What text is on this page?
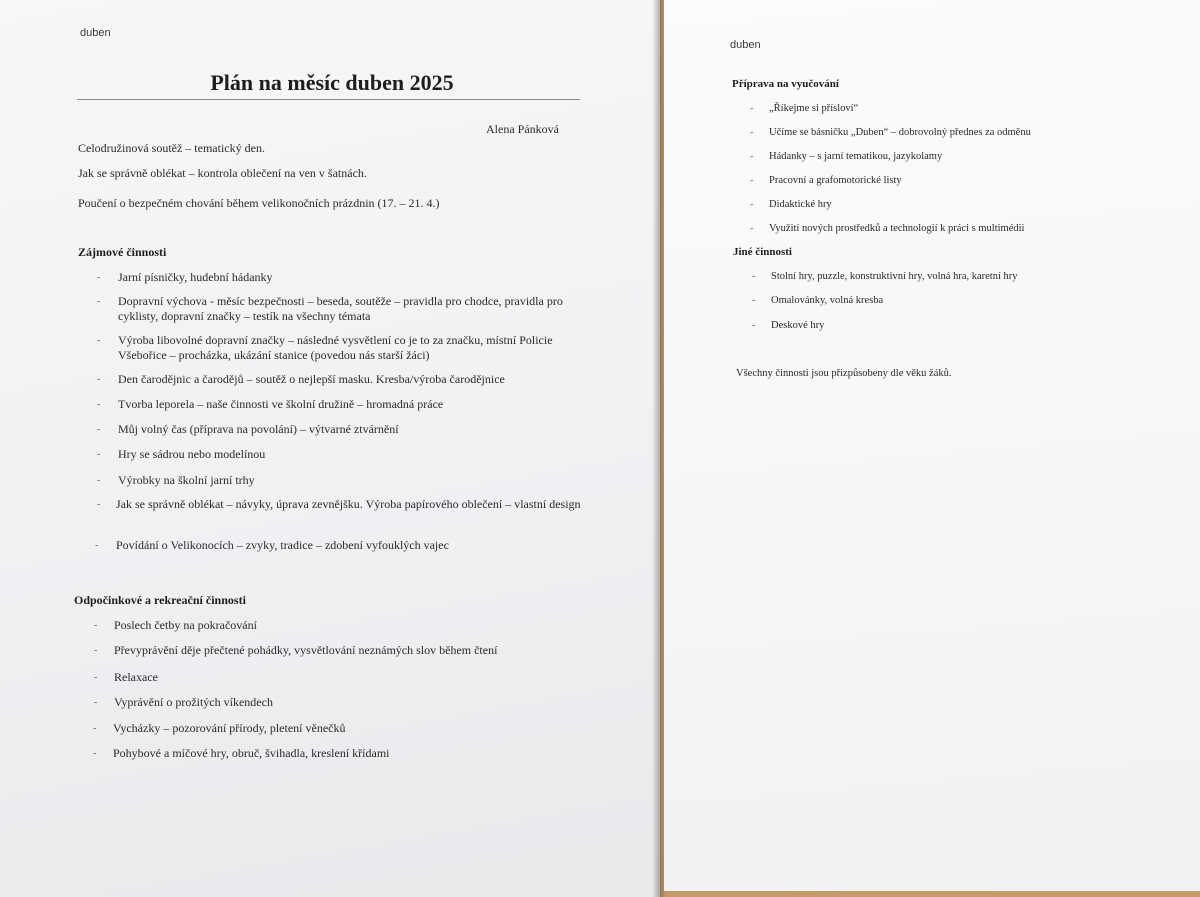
duben
Plán na měsíc duben 2025
Alena Pánková
Celodružinová soutěž – tematický den.
Jak se správně oblékat – kontrola oblečení na ven v šatnách.
Poučení o bezpečném chování během velikonočních prázdnin (17. – 21. 4.)
Zájmové činnosti
- Jarní písničky, hudební hádanky
- Dopravní výchova - měsíc bezpečnosti – beseda, soutěže – pravidla pro chodce, pravidla pro cyklisty, dopravní značky – testík na všechny témata
- Výroba libovolné dopravní značky – následné vysvětlení co je to za značku, místní Policie Všebořice – procházka, ukázání stanice (povedou nás starší žáci)
- Den čarodějnic a čarodějů – soutěž o nejlepší masku. Kresba/výroba čarodějnice
- Tvorba leporela – naše činnosti ve školní družině – hromadná práce
- Můj volný čas (příprava na povolání) – výtvarné ztvárnění
- Hry se sádrou nebo modelínou
- Výrobky na školní jarní trhy
- Jak se správně oblékat – návyky, úprava zevnějšku. Výroba papírového oblečení – vlastní design
- Povídání o Velikonocích – zvyky, tradice – zdobení vyfouklých vajec
Odpočinkové a rekreační činnosti
- Poslech četby na pokračování
- Převyprávění děje přečtené pohádky, vysvětlování neznámých slov během čtení
- Relaxace
- Vyprávění o prožitých víkendech
- Vycházky – pozorování přírody, pletení věnečků
- Pohybové a míčové hry, obruč, švihadla, kreslení křídami
duben
Příprava na vyučování
- „Říkejme si přísloví“
- Učíme se básničku „Duben“ – dobrovolný přednes za odměnu
- Hádanky – s jarní tematikou, jazykolamy
- Pracovní a grafomotorické listy
- Didaktické hry
- Využití nových prostředků a technologií k práci s multimédii
Jiné činnosti
- Stolní hry, puzzle, konstruktivní hry, volná hra, karetní hry
- Omalovánky, volná kresba
- Deskové hry
Všechny činnosti jsou přizpůsobeny dle věku žáků.
